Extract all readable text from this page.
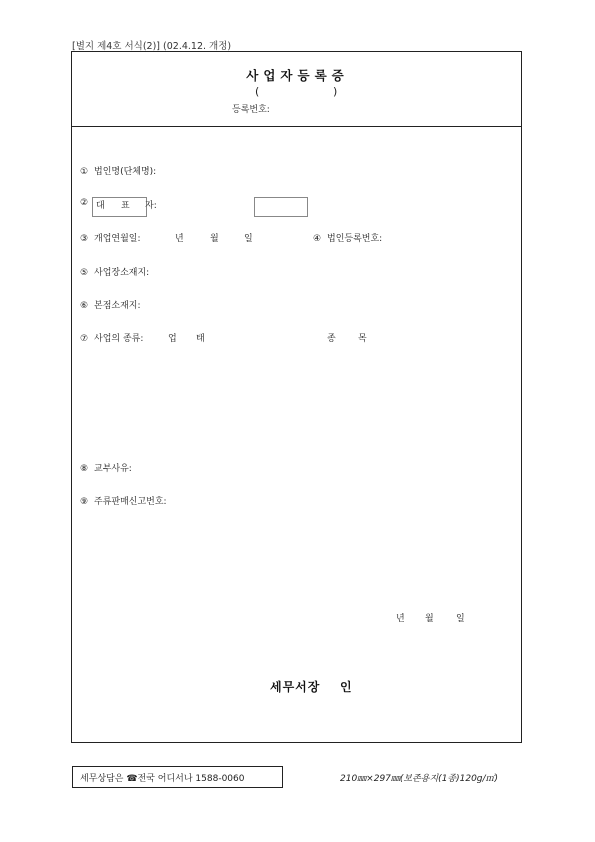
[별지 제4호 서식(2)] (02.4.12. 개정)
사업자등록증
(	)
등록번호:
① 법인명(단체명):
② 대 표 자:
③ 개업연월일:	년	월	일	④ 법인등록번호:
⑤ 사업장소재지:
⑥ 본점소재지:
⑦ 사업의 종류:	업 태	종 목
⑧ 교부사유:
⑨ 주류판매신고번호:
년 월 일
세무서장 인
세무상담은 ☎전국 어디서나 1588-0060	210㎜×297㎜(보존용지(1종)120g/㎡)
